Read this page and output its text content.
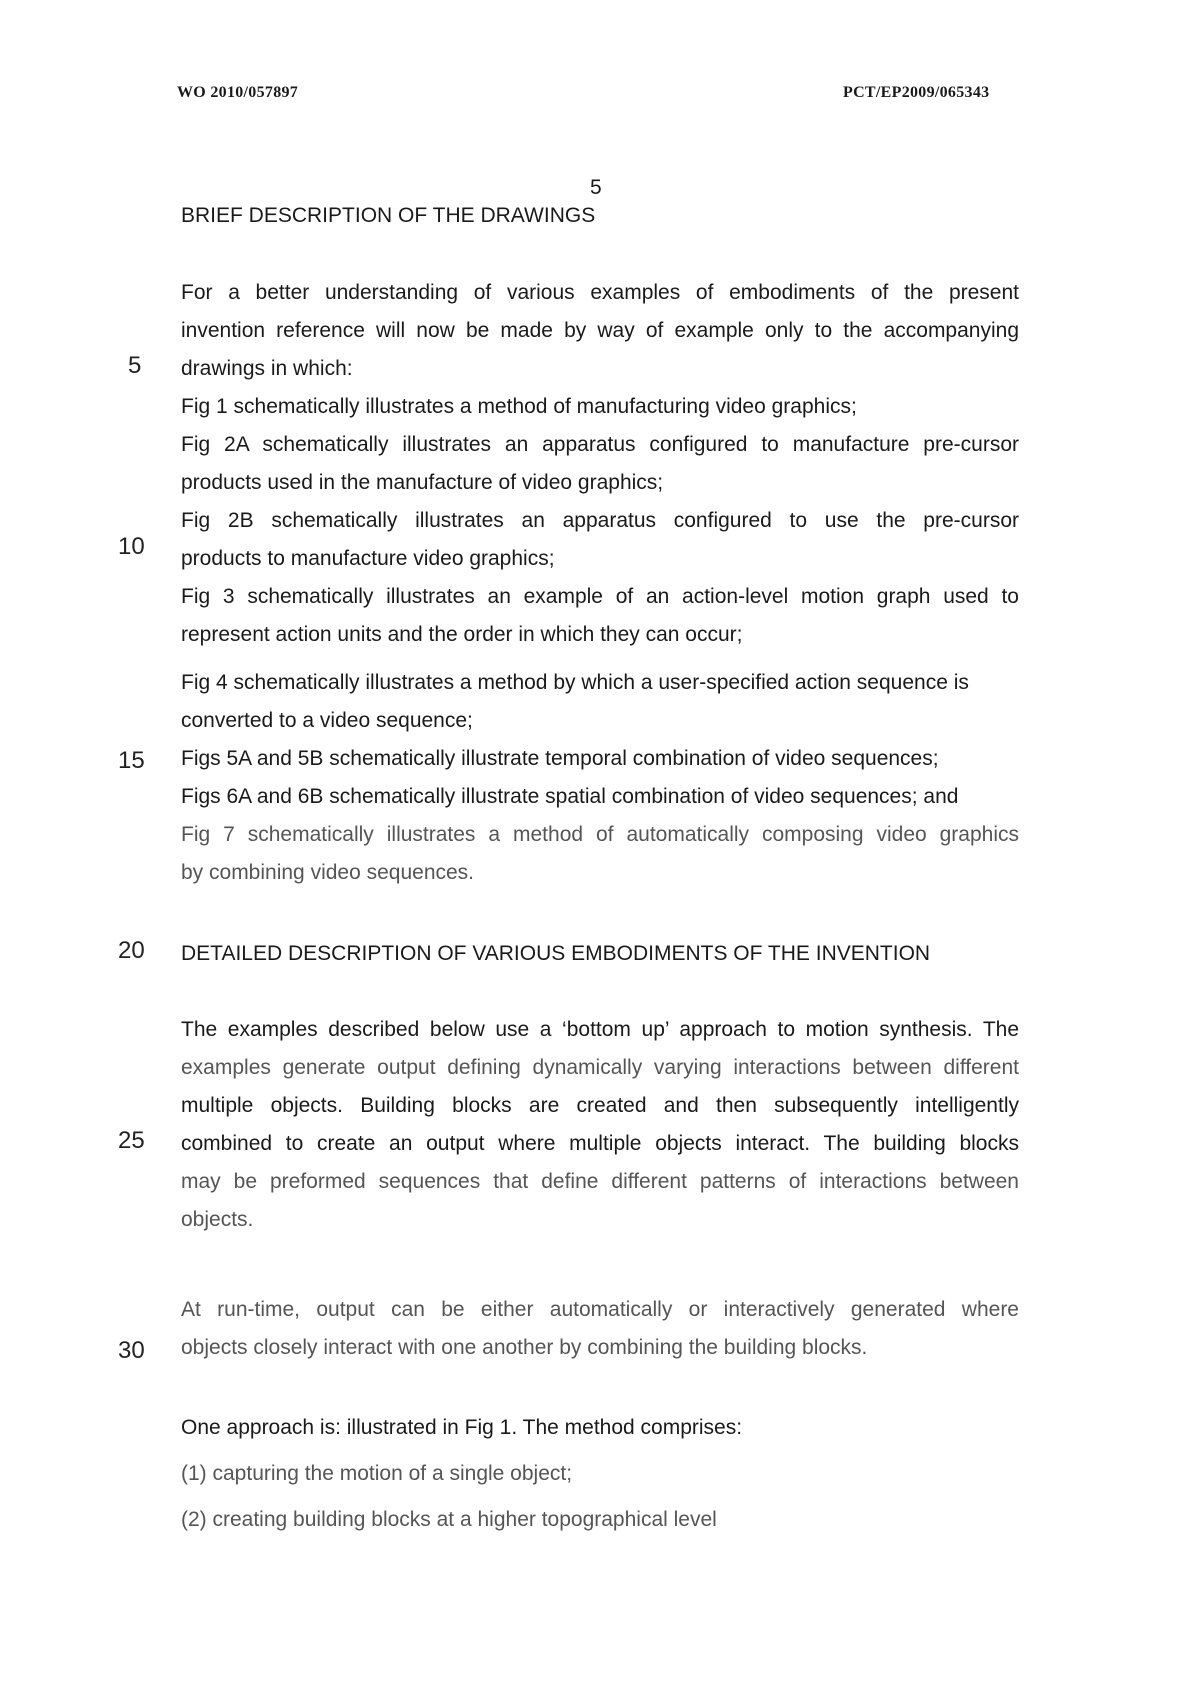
WO 2010/057897	PCT/EP2009/065343
5
5
10
15
20
25
30
BRIEF DESCRIPTION OF THE DRAWINGS
For a better understanding of various examples of embodiments of the present
invention reference will now be made by way of example only to the accompanying
drawings in which:
Fig 1 schematically illustrates a method of manufacturing video graphics;
Fig 2A schematically illustrates an apparatus configured to manufacture pre-cursor
products used in the manufacture of video graphics;
Fig 2B schematically illustrates an apparatus configured to use the pre-cursor
products to manufacture video graphics;
Fig 3 schematically illustrates an example of an action-level motion graph used to
represent action units and the order in which they can occur;
Fig 4 schematically illustrates a method by which a user-specified action sequence is
converted to a video sequence;
Figs 5A and 5B schematically illustrate temporal combination of video sequences;
Figs 6A and 6B schematically illustrate spatial combination of video sequences; and
Fig 7 schematically illustrates a method of automatically composing video graphics
by combining video sequences.
DETAILED DESCRIPTION OF VARIOUS EMBODIMENTS OF THE INVENTION
The examples described below use a ‘bottom up’ approach to motion synthesis. The
examples generate output defining dynamically varying interactions between different
multiple objects. Building blocks are created and then subsequently intelligently
combined to create an output where multiple objects interact. The building blocks
may be preformed sequences that define different patterns of interactions between
objects.
At run-time, output can be either automatically or interactively generated where
objects closely interact with one another by combining the building blocks.
One approach is: illustrated in Fig 1. The method comprises:
(1) capturing the motion of a single object;
(2) creating building blocks at a higher topographical level
